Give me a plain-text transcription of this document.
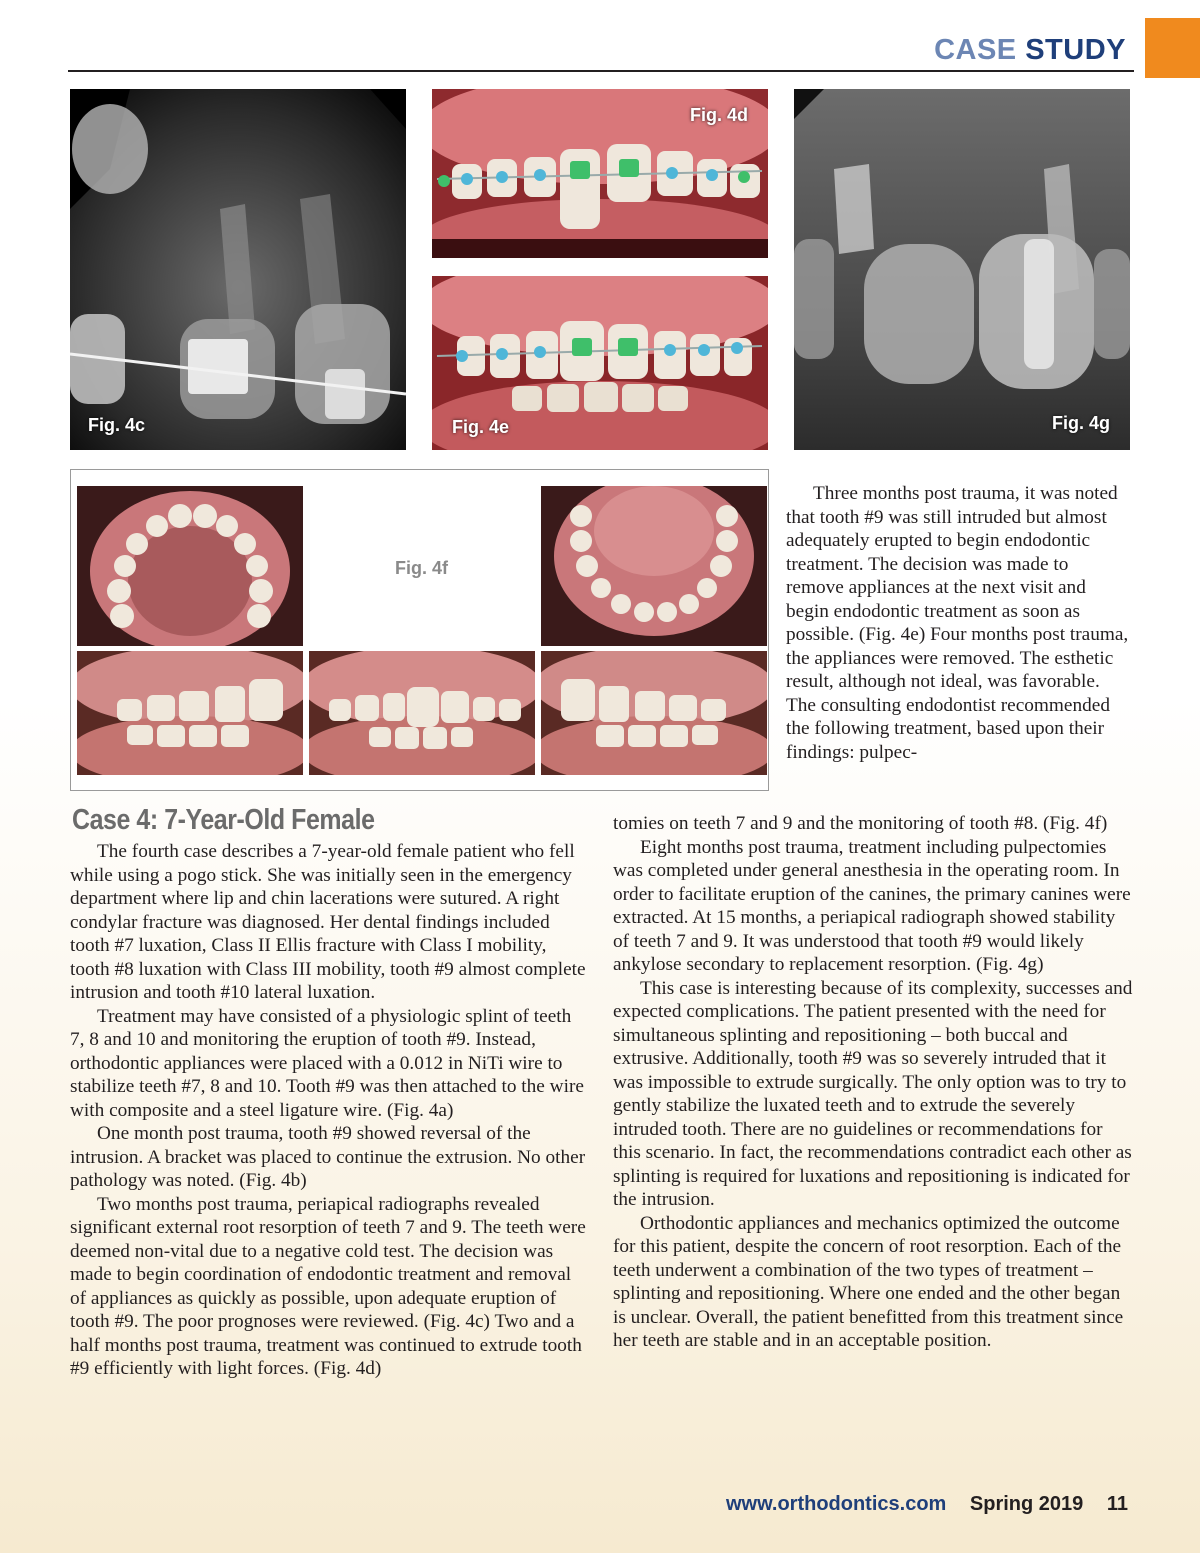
CASE STUDY
Fig. 4c
Fig. 4d
Fig. 4e	Fig. 4g
Fig. 4f

Three months post trauma, it was noted that tooth #9 was still intruded but almost adequately erupted to begin endodontic treatment. The decision was made to remove appliances at the next visit and begin endodontic treatment as soon as possible. (Fig. 4e) Four months post trauma, the appliances were removed. The esthetic result, although not ideal, was favorable. The consulting endodontist recommended the following treatment, based upon their findings: pulpec-

Case 4: 7-Year-Old Female

The fourth case describes a 7-year-old female patient who fell while using a pogo stick. She was initially seen in the emergency department where lip and chin lacerations were sutured. A right condylar fracture was diagnosed. Her dental findings included tooth #7 luxation, Class II Ellis fracture with Class I mobility, tooth #8 luxation with Class III mobility, tooth #9 almost complete intrusion and tooth #10 lateral luxation.

Treatment may have consisted of a physiologic splint of teeth 7, 8 and 10 and monitoring the eruption of tooth #9. Instead, orthodontic appliances were placed with a 0.012 in NiTi wire to stabilize teeth #7, 8 and 10. Tooth #9 was then attached to the wire with composite and a steel ligature wire. (Fig. 4a)

One month post trauma, tooth #9 showed reversal of the intrusion. A bracket was placed to continue the extrusion. No other pathology was noted. (Fig. 4b)

Two months post trauma, periapical radiographs revealed significant external root resorption of teeth 7 and 9. The teeth were deemed non-vital due to a negative cold test. The decision was made to begin coordination of endodontic treatment and removal of appliances as quickly as possible, upon adequate eruption of tooth #9. The poor prognoses were reviewed. (Fig. 4c) Two and a half months post trauma, treatment was continued to extrude tooth #9 efficiently with light forces. (Fig. 4d)

tomies on teeth 7 and 9 and the monitoring of tooth #8. (Fig. 4f)

Eight months post trauma, treatment including pulpectomies was completed under general anesthesia in the operating room. In order to facilitate eruption of the canines, the primary canines were extracted. At 15 months, a periapical radiograph showed stability of teeth 7 and 9. It was understood that tooth #9 would likely ankylose secondary to replacement resorption. (Fig. 4g)

This case is interesting because of its complexity, successes and expected complications. The patient presented with the need for simultaneous splinting and repositioning – both buccal and extrusive. Additionally, tooth #9 was so severely intruded that it was impossible to extrude surgically. The only option was to try to gently stabilize the luxated teeth and to extrude the severely intruded tooth. There are no guidelines or recommendations for this scenario. In fact, the recommendations contradict each other as splinting is required for luxations and repositioning is indicated for the intrusion.

Orthodontic appliances and mechanics optimized the outcome for this patient, despite the concern of root resorption. Each of the teeth underwent a combination of the two types of treatment – splinting and repositioning. Where one ended and the other began is unclear. Overall, the patient benefitted from this treatment since her teeth are stable and in an acceptable position.

www.orthodontics.com Spring 2019 11
